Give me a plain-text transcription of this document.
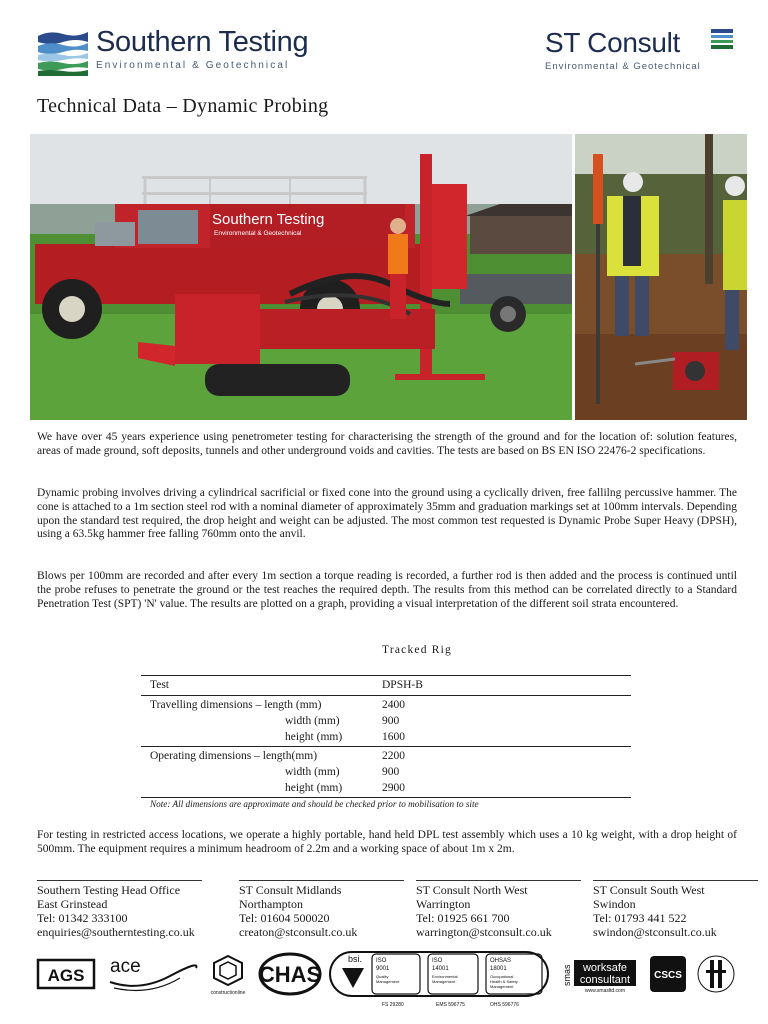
Southern Testing
Environmental & Geotechnical
ST Consult
Environmental & Geotechnical
Technical Data – Dynamic Probing
Southern Testing
Environmental & Geotechnical

We have over 45 years experience using penetrometer testing for characterising the strength of the ground and for the location of: solution features, areas of made ground, soft deposits, tunnels and other underground voids and cavities. The tests are based on BS EN ISO 22476-2 specifications.

Dynamic probing involves driving a cylindrical sacrificial or fixed cone into the ground using a cyclically driven, free fallilng percussive hammer. The cone is attached to a 1m section steel rod with a nominal diameter of approximately 35mm and graduation markings set at 100mm intervals. Depending upon the standard test required, the drop height and weight can be adjusted. The most common test requested is Dynamic Probe Super Heavy (DPSH), using a 63.5kg hammer free falling 760mm onto the anvil.

Blows per 100mm are recorded and after every 1m section a torque reading is recorded, a further rod is then added and the process is continued until the probe refuses to penetrate the ground or the test reaches the required depth. The results from this method can be correlated directly to a Standard Penetration Test (SPT) 'N' value. The results are plotted on a graph, providing a visual interpretation of the different soil strata encountered.

Tracked Rig
Test	DPSH-B
Travelling dimensions – length (mm)	2400
width (mm)	900
height (mm)	1600
Operating dimensions – length(mm)	2200
width (mm)	900
height (mm)	2900
Note: All dimensions are approximate and should be checked prior to mobilisation to site

For testing in restricted access locations, we operate a highly portable, hand held DPL test assembly which uses a 10 kg weight, with a drop height of 500mm. The equipment requires a minimum headroom of 2.2m and a working space of about 1m x 2m.

Southern Testing Head Office
East Grinstead
Tel: 01342 333100
enquiries@southerntesting.co.uk
ST Consult Midlands
Northampton
Tel: 01604 500020
creaton@stconsult.co.uk
ST Consult North West
Warrington
Tel: 01925 661 700
warrington@stconsult.co.uk
ST Consult South West
Swindon
Tel: 01793 441 522
swindon@stconsult.co.uk
AGS ace
constructionline
CHAS
bsi. ISO
9001
Quality
Management
ISO
14001
Environmental
Management
OHSAS
18001
Occupational
Health & Safety
Management
FS 29280	EMS 596775	OHS 596776
smas worksafe
consultant
www.smasltd.com
CSCS
